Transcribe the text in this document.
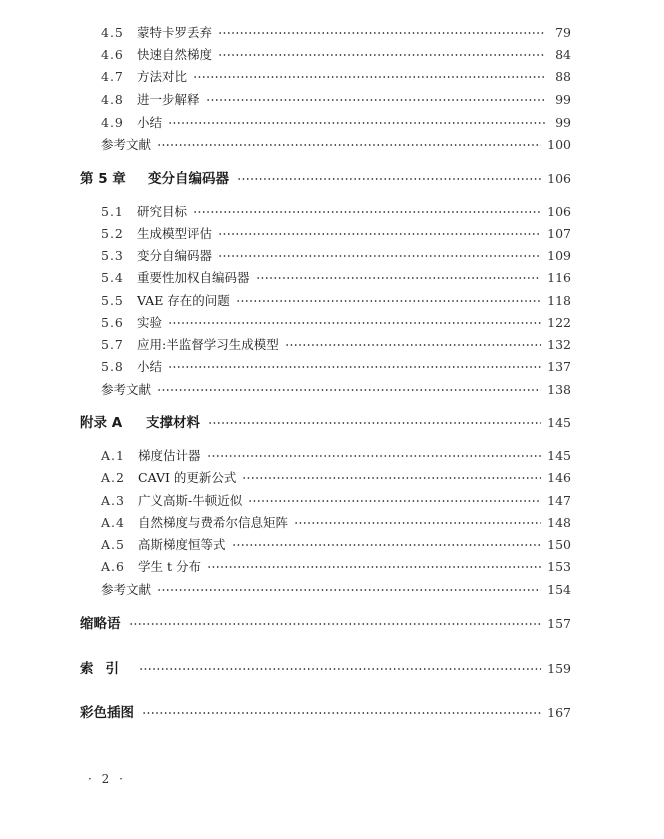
4.5	蒙特卡罗丢弃	79
4.6	快速自然梯度	84
4.7	方法对比	88
4.8	进一步解释	99
4.9	小结	99
参考文献	100
第 5 章	变分自编码器	106
5.1	研究目标	106
5.2	生成模型评估	107
5.3	变分自编码器	109
5.4	重要性加权自编码器	116
5.5	VAE 存在的问题	118
5.6	实验	122
5.7	应用:半监督学习生成模型	132
5.8	小结	137
参考文献	138
附录 A	支撑材料	145
A.1	梯度估计器	145
A.2	CAVI 的更新公式	146
A.3	广义高斯-牛顿近似	147
A.4	自然梯度与费希尔信息矩阵	148
A.5	高斯梯度恒等式	150
A.6	学生 t 分布	153
参考文献	154
缩略语	157
索引	159
彩色插图	167
· 2 ·
